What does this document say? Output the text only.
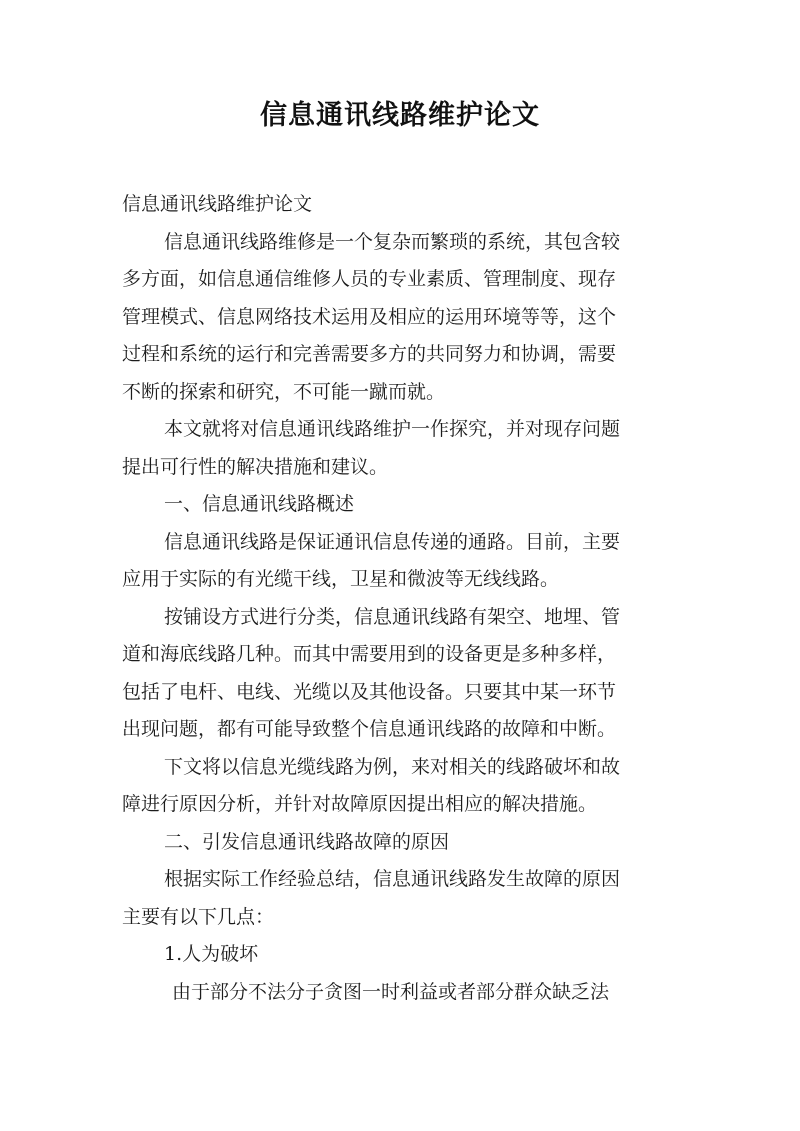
信息通讯线路维护论文
信息通讯线路维护论文
信息通讯线路维修是一个复杂而繁琐的系统，其包含较
多方面，如信息通信维修人员的专业素质、管理制度、现存
管理模式、信息网络技术运用及相应的运用环境等等，这个
过程和系统的运行和完善需要多方的共同努力和协调，需要
不断的探索和研究，不可能一蹴而就。
本文就将对信息通讯线路维护一作探究，并对现存问题
提出可行性的解决措施和建议。
一、信息通讯线路概述
信息通讯线路是保证通讯信息传递的通路。目前，主要
应用于实际的有光缆干线，卫星和微波等无线线路。
按铺设方式进行分类，信息通讯线路有架空、地埋、管
道和海底线路几种。而其中需要用到的设备更是多种多样，
包括了电杆、电线、光缆以及其他设备。只要其中某一环节
出现问题，都有可能导致整个信息通讯线路的故障和中断。
下文将以信息光缆线路为例，来对相关的线路破坏和故
障进行原因分析，并针对故障原因提出相应的解决措施。
二、引发信息通讯线路故障的原因
根据实际工作经验总结，信息通讯线路发生故障的原因
主要有以下几点：
1.人为破坏
由于部分不法分子贪图一时利益或者部分群众缺乏法
